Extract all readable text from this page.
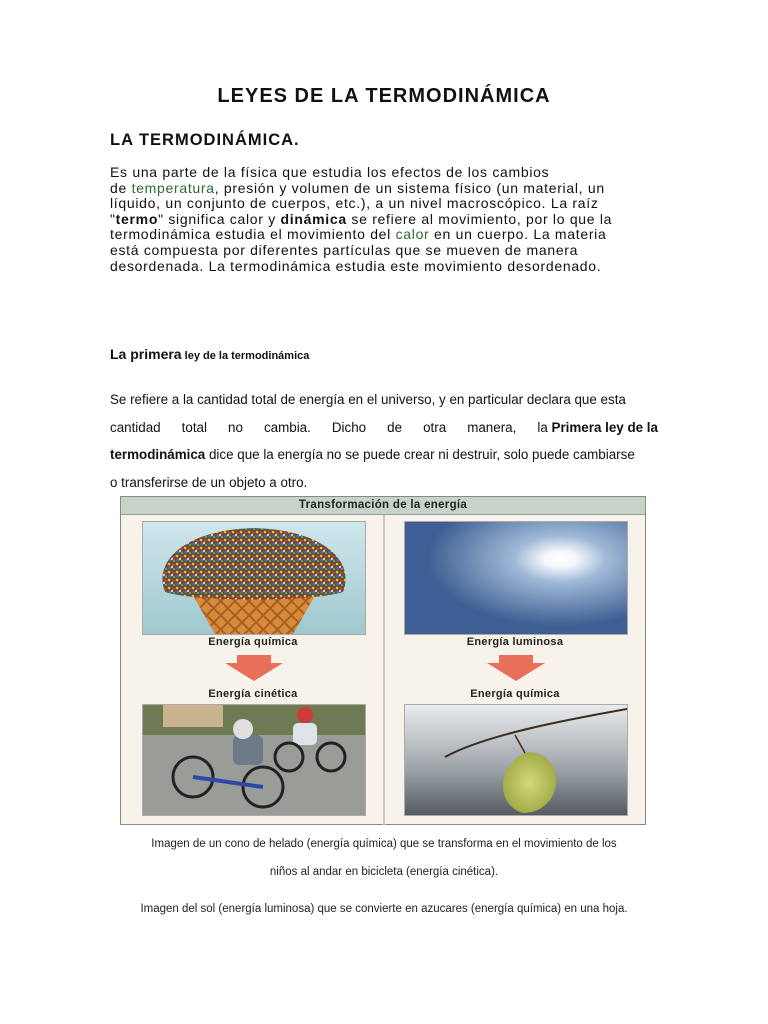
LEYES DE LA TERMODINÁMICA
LA TERMODINÁMICA.
Es una parte de la física que estudia los efectos de los cambios
de temperatura, presión y volumen de un sistema físico (un material, un
líquido, un conjunto de cuerpos, etc.), a un nivel macroscópico. La raíz
"termo" significa calor y dinámica se refiere al movimiento, por lo que la
termodinámica estudia el movimiento del calor en un cuerpo. La materia
está compuesta por diferentes partículas que se mueven de manera
desordenada. La termodinámica estudia este movimiento desordenado.
La primera ley de la termodinámica
Se refiere a la cantidad total de energía en el universo, y en particular declara que esta
cantidad total no cambia. Dicho de otra manera, la Primera ley de la
termodinámica dice que la energía no se puede crear ni destruir, solo puede cambiarse
o transferirse de un objeto a otro.
Transformación de la energía
Energía química
Energía cinética
Energía luminosa
Energía química
Imagen de un cono de helado (energía química) que se transforma en el movimiento de los
niños al andar en bicicleta (energía cinética).
Imagen del sol (energía luminosa) que se convierte en azucares (energía química) en una hoja.
